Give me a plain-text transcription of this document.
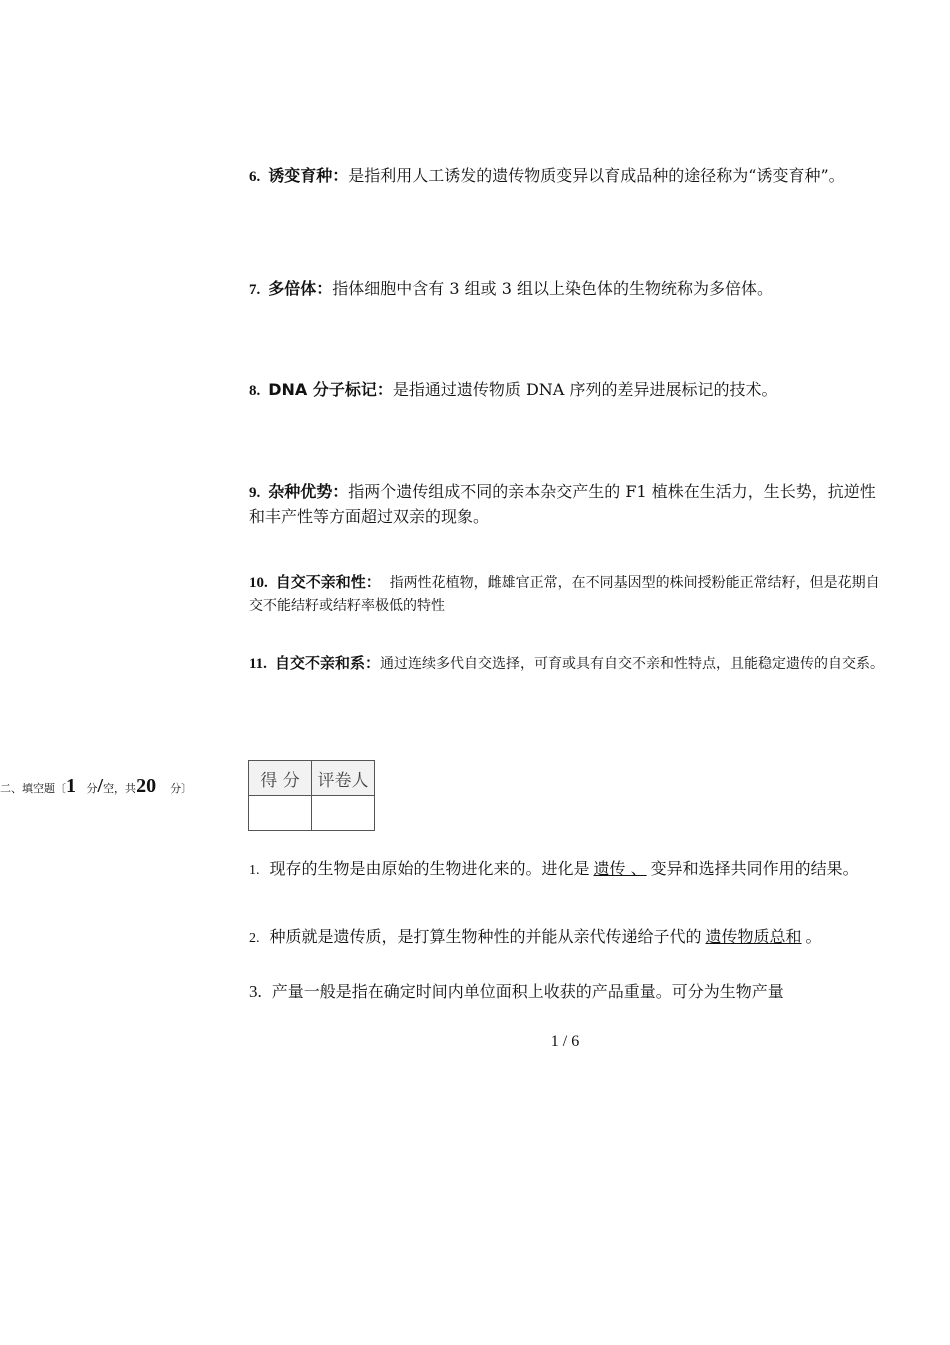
6. 诱变育种：是指利用人工诱发的遗传物质变异以育成品种的途径称为“诱变育种”。
7. 多倍体：指体细胞中含有 3 组或 3 组以上染色体的生物统称为多倍体。
8. DNA 分子标记：是指通过遗传物质 DNA 序列的差异进展标记的技术。
9. 杂种优势：指两个遗传组成不同的亲本杂交产生的 F1 植株在生活力，生长势，抗逆性和丰产性等方面超过双亲的现象。
10. 自交不亲和性： 指两性花植物，雌雄官正常，在不同基因型的株间授粉能正常结籽，但是花期自交不能结籽或结籽率极低的特性
11. 自交不亲和系：通过连续多代自交选择，可育或具有自交不亲和性特点，且能稳定遗传的自交系。
二、填空题〔1 分/空，共20 分〕	得 分	评卷人

1. 现存的生物是由原始的生物进化来的。进化是 遗传 、 变异和选择共同作用的结果。
2. 种质就是遗传质，是打算生物种性的并能从亲代传递给子代的 遗传物质总和 。
3. 产量一般是指在确定时间内单位面积上收获的产品重量。可分为生物产量
1 / 6
